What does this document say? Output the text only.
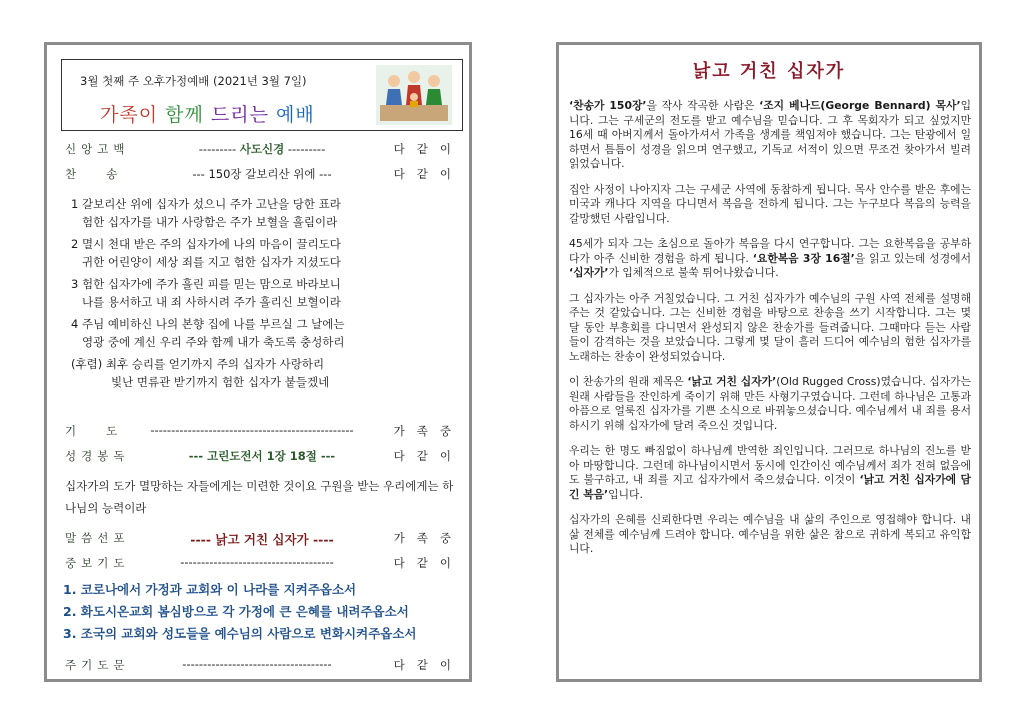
3월 첫째 주 오후가정예배 (2021년 3월 7일)
가족이 함께 드리는 예배
신앙고백	--------- 사도신경 ---------	다같이
찬송	--- 150장 갈보리산 위에 ---	다같이
1 갈보리산 위에 십자가 섰으니 주가 고난을 당한 표라
험한 십자가를 내가 사랑함은 주가 보혈을 흘림이라
2 멸시 천대 받은 주의 십자가에 나의 마음이 끌리도다
귀한 어린양이 세상 죄를 지고 험한 십자가 지셨도다
3 험한 십자가에 주가 흘린 피를 믿는 맘으로 바라보니
나를 용서하고 내 죄 사하시려 주가 흘리신 보혈이라
4 주님 예비하신 나의 본향 집에 나를 부르실 그 날에는
영광 중에 계신 우리 주와 함께 내가 축도록 충성하리
(후렴) 최후 승리를 얻기까지 주의 십자가 사랑하리
빛난 면류관 받기까지 험한 십자가 붙들겠네
기도 -------------------------------------------------	가족중
성경봉독	--- 고린도전서 1장 18절 ---	다같이
십자가의 도가 멸망하는 자들에게는 미련한 것이요 구원을 받는 우리에게는 하나님의 능력이라
말씀선포	---- 낡고 거친 십자가 ----	가족중
중보기도	-------------------------------------	다같이
1. 코로나에서 가정과 교회와 이 나라를 지켜주옵소서
2. 화도시온교회 봄심방으로 각 가정에 큰 은혜를 내려주옵소서
3. 조국의 교회와 성도들을 예수님의 사람으로 변화시켜주옵소서
주기도문	------------------------------------	다같이
낡고 거친 십자가

‘찬송가 150장’을 작사 작곡한 사람은 ‘조지 베나드(George Bennard) 목사’입니다. 그는 구세군의 전도를 받고 예수님을 믿습니다. 그 후 목회자가 되고 싶었지만 16세 때 아버지께서 돌아가셔서 가족을 생계를 책임져야 했습니다. 그는 탄광에서 일하면서 틈틈이 성경을 읽으며 연구했고, 기독교 서적이 있으면 무조건 찾아가서 빌려 읽었습니다.

집안 사정이 나아지자 그는 구세군 사역에 동참하게 됩니다. 목사 안수를 받은 후에는 미국과 캐나다 지역을 다니면서 복음을 전하게 됩니다. 그는 누구보다 복음의 능력을 갈망했던 사람입니다.

45세가 되자 그는 초심으로 돌아가 복음을 다시 연구합니다. 그는 요한복음을 공부하다가 아주 신비한 경험을 하게 됩니다. ‘요한복음 3장 16절’을 읽고 있는데 성경에서 ‘십자가’가 입체적으로 불쑥 튀어나왔습니다.

그 십자가는 아주 거칠었습니다. 그 거친 십자가가 예수님의 구원 사역 전체를 설명해주는 것 같았습니다. 그는 신비한 경험을 바탕으로 찬송을 쓰기 시작합니다. 그는 몇 달 동안 부흥회를 다니면서 완성되지 않은 찬송가를 들려줍니다. 그때마다 듣는 사람들이 감격하는 것을 보았습니다. 그렇게 몇 달이 흘러 드디어 예수님의 험한 십자가를 노래하는 찬송이 완성되었습니다.

이 찬송가의 원래 제목은 ‘낡고 거친 십자가’(Old Rugged Cross)였습니다. 십자가는 원래 사람들을 잔인하게 죽이기 위해 만든 사형기구였습니다. 그런데 하나님은 고통과 아픔으로 얼룩진 십자가를 기쁜 소식으로 바꿔놓으셨습니다. 예수님께서 내 죄를 용서하시기 위해 십자가에 달려 죽으신 것입니다.

우리는 한 명도 빠짐없이 하나님께 반역한 죄인입니다. 그러므로 하나님의 진노를 받아 마땅합니다. 그런데 하나님이시면서 동시에 인간이신 예수님께서 죄가 전혀 없음에도 불구하고, 내 죄를 지고 십자가에서 죽으셨습니다. 이것이 ‘낡고 거친 십자가에 담긴 복음’입니다.

십자가의 은혜를 신뢰한다면 우리는 예수님을 내 삶의 주인으로 영접해야 합니다. 내 삶 전체를 예수님께 드려야 합니다. 예수님을 위한 삶은 참으로 귀하게 복되고 유익합니다.
